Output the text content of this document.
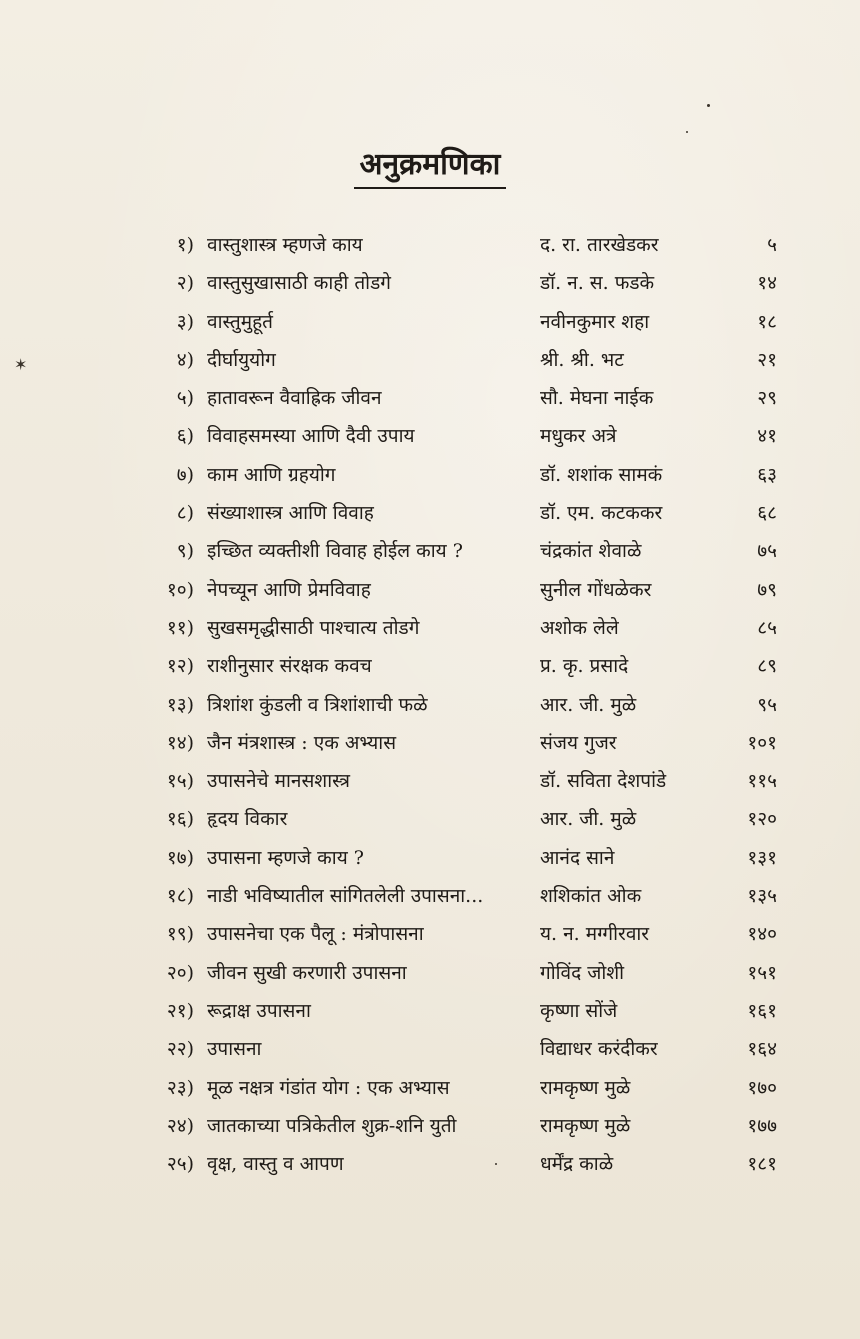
✶
अनुक्रमणिका
१) वास्तुशास्त्र म्हणजे काय	द. रा. तारखेडकर	५
२) वास्तुसुखासाठी काही तोडगे	डॉ. न. स. फडके	१४
३) वास्तुमुहूर्त	नवीनकुमार शहा	१८
४) दीर्घायुयोग	श्री. श्री. भट	२१
५) हातावरून वैवाह्रिक जीवन	सौ. मेघना नाईक	२९
६) विवाहसमस्या आणि दैवी उपाय	मधुकर अत्रे	४१
७) काम आणि ग्रहयोग	डॉ. शशांक सामकं	६३
८) संख्याशास्त्र आणि विवाह	डॉ. एम. कटककर	६८
९) इच्छित व्यक्तीशी विवाह होईल काय ?	चंद्रकांत शेवाळे	७५
१०) नेपच्यून आणि प्रेमविवाह	सुनील गोंधळेकर	७९
११) सुखसमृद्धीसाठी पाश्‍चात्य तोडगे	अशोक लेले	८५
१२) राशीनुसार संरक्षक कवच	प्र. कृ. प्रसादे	८९
१३) त्रिशांश कुंडली व त्रिशांशाची फळे	आर. जी. मुळे	९५
१४) जैन मंत्रशास्त्र : एक अभ्यास	संजय गुजर	१०१
१५) उपासनेचे मानसशास्त्र	डॉ. सविता देशपांडे	११५
१६) हृदय विकार	आर. जी. मुळे	१२०
१७) उपासना म्हणजे काय ?	आनंद साने	१३१
१८) नाडी भविष्यातील सांगितलेली उपासना...	शशिकांत ओक	१३५
१९) उपासनेचा एक पैलू : मंत्रोपासना	य. न. मग्गीरवार	१४०
२०) जीवन सुखी करणारी उपासना	गोविंद जोशी	१५१
२१) रूद्राक्ष उपासना	कृष्णा सोंजे	१६१
२२) उपासना	विद्याधर करंदीकर	१६४
२३) मूळ नक्षत्र गंडांत योग : एक अभ्यास	रामकृष्ण मुळे	१७०
२४) जातकाच्या पत्रिकेतील शुक्र-शनि युती	रामकृष्ण मुळे	१७७
२५) वृक्ष, वास्तु व आपण	धर्मेंद्र काळे	१८१
